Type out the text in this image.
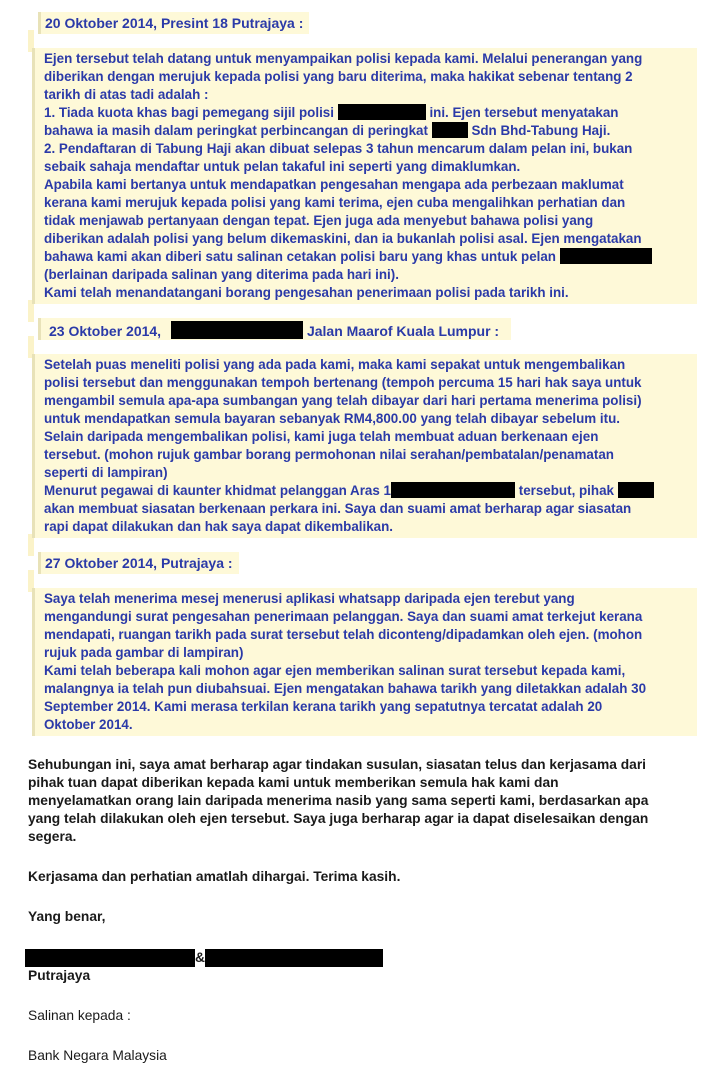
20 Oktober 2014, Presint 18 Putrajaya :
Ejen tersebut telah datang untuk menyampaikan polisi kepada kami. Melalui penerangan yang
diberikan dengan merujuk kepada polisi yang baru diterima, maka hakikat sebenar tentang 2
tarikh di atas tadi adalah :
1. Tiada kuota khas bagi pemegang sijil polisi	ini. Ejen tersebut menyatakan
bahawa ia masih dalam peringkat perbincangan di peringkat	Sdn Bhd-Tabung Haji.
2. Pendaftaran di Tabung Haji akan dibuat selepas 3 tahun mencarum dalam pelan ini, bukan
sebaik sahaja mendaftar untuk pelan takaful ini seperti yang dimaklumkan.
Apabila kami bertanya untuk mendapatkan pengesahan mengapa ada perbezaan maklumat
kerana kami merujuk kepada polisi yang kami terima, ejen cuba mengalihkan perhatian dan
tidak menjawab pertanyaan dengan tepat. Ejen juga ada menyebut bahawa polisi yang
diberikan adalah polisi yang belum dikemaskini, dan ia bukanlah polisi asal. Ejen mengatakan
bahawa kami akan diberi satu salinan cetakan polisi baru yang khas untuk pelan
(berlainan daripada salinan yang diterima pada hari ini).
Kami telah menandatangani borang pengesahan penerimaan polisi pada tarikh ini.
23 Oktober 2014,	Jalan Maarof Kuala Lumpur :
Setelah puas meneliti polisi yang ada pada kami, maka kami sepakat untuk mengembalikan
polisi tersebut dan menggunakan tempoh bertenang (tempoh percuma 15 hari hak saya untuk
mengambil semula apa-apa sumbangan yang telah dibayar dari hari pertama menerima polisi)
untuk mendapatkan semula bayaran sebanyak RM4,800.00 yang telah dibayar sebelum itu.
Selain daripada mengembalikan polisi, kami juga telah membuat aduan berkenaan ejen
tersebut. (mohon rujuk gambar borang permohonan nilai serahan/pembatalan/penamatan
seperti di lampiran)
Menurut pegawai di kaunter khidmat pelanggan Aras 1	tersebut, pihak
akan membuat siasatan berkenaan perkara ini. Saya dan suami amat berharap agar siasatan
rapi dapat dilakukan dan hak saya dapat dikembalikan.
27 Oktober 2014, Putrajaya :
Saya telah menerima mesej menerusi aplikasi whatsapp daripada ejen terebut yang
mengandungi surat pengesahan penerimaan pelanggan. Saya dan suami amat terkejut kerana
mendapati, ruangan tarikh pada surat tersebut telah diconteng/dipadamkan oleh ejen. (mohon
rujuk pada gambar di lampiran)
Kami telah beberapa kali mohon agar ejen memberikan salinan surat tersebut kepada kami,
malangnya ia telah pun diubahsuai. Ejen mengatakan bahawa tarikh yang diletakkan adalah 30
September 2014. Kami merasa terkilan kerana tarikh yang sepatutnya tercatat adalah 20
Oktober 2014.
Sehubungan ini, saya amat berharap agar tindakan susulan, siasatan telus dan kerjasama dari
pihak tuan dapat diberikan kepada kami untuk memberikan semula hak kami dan
menyelamatkan orang lain daripada menerima nasib yang sama seperti kami, berdasarkan apa
yang telah dilakukan oleh ejen tersebut. Saya juga berharap agar ia dapat diselesaikan dengan
segera.
Kerjasama dan perhatian amatlah dihargai. Terima kasih.
Yang benar,
&
Putrajaya
Salinan kepada :
Bank Negara Malaysia
